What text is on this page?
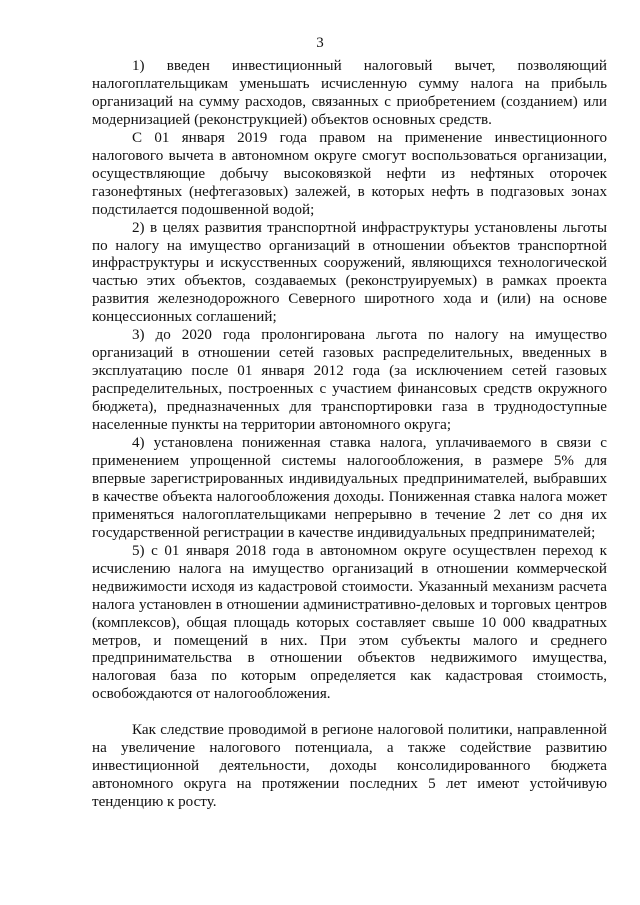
3

1) введен инвестиционный налоговый вычет, позволяющий налогоплательщикам уменьшать исчисленную сумму налога на прибыль организаций на сумму расходов, связанных с приобретением (созданием) или модернизацией (реконструкцией) объектов основных средств.

С 01 января 2019 года правом на применение инвестиционного налогового вычета в автономном округе смогут воспользоваться организации, осуществляющие добычу высоковязкой нефти из нефтяных оторочек газонефтяных (нефтегазовых) залежей, в которых нефть в подгазовых зонах подстилается подошвенной водой;

2) в целях развития транспортной инфраструктуры установлены льготы по налогу на имущество организаций в отношении объектов транспортной инфраструктуры и искусственных сооружений, являющихся технологической частью этих объектов, создаваемых (реконструируемых) в рамках проекта развития железнодорожного Северного широтного хода и (или) на основе концессионных соглашений;

3) до 2020 года пролонгирована льгота по налогу на имущество организаций в отношении сетей газовых распределительных, введенных в эксплуатацию после 01 января 2012 года (за исключением сетей газовых распределительных, построенных с участием финансовых средств окружного бюджета), предназначенных для транспортировки газа в труднодоступные населенные пункты на территории автономного округа;

4) установлена пониженная ставка налога, уплачиваемого в связи с применением упрощенной системы налогообложения, в размере 5% для впервые зарегистрированных индивидуальных предпринимателей, выбравших в качестве объекта налогообложения доходы. Пониженная ставка налога может применяться налогоплательщиками непрерывно в течение 2 лет со дня их государственной регистрации в качестве индивидуальных предпринимателей;

5) с 01 января 2018 года в автономном округе осуществлен переход к исчислению налога на имущество организаций в отношении коммерческой недвижимости исходя из кадастровой стоимости. Указанный механизм расчета налога установлен в отношении административно-деловых и торговых центров (комплексов), общая площадь которых составляет свыше 10 000 квадратных метров, и помещений в них. При этом субъекты малого и среднего предпринимательства в отношении объектов недвижимого имущества, налоговая база по которым определяется как кадастровая стоимость, освобождаются от налогообложения.

Как следствие проводимой в регионе налоговой политики, направленной на увеличение налогового потенциала, а также содействие развитию инвестиционной деятельности, доходы консолидированного бюджета автономного округа на протяжении последних 5 лет имеют устойчивую тенденцию к росту.
